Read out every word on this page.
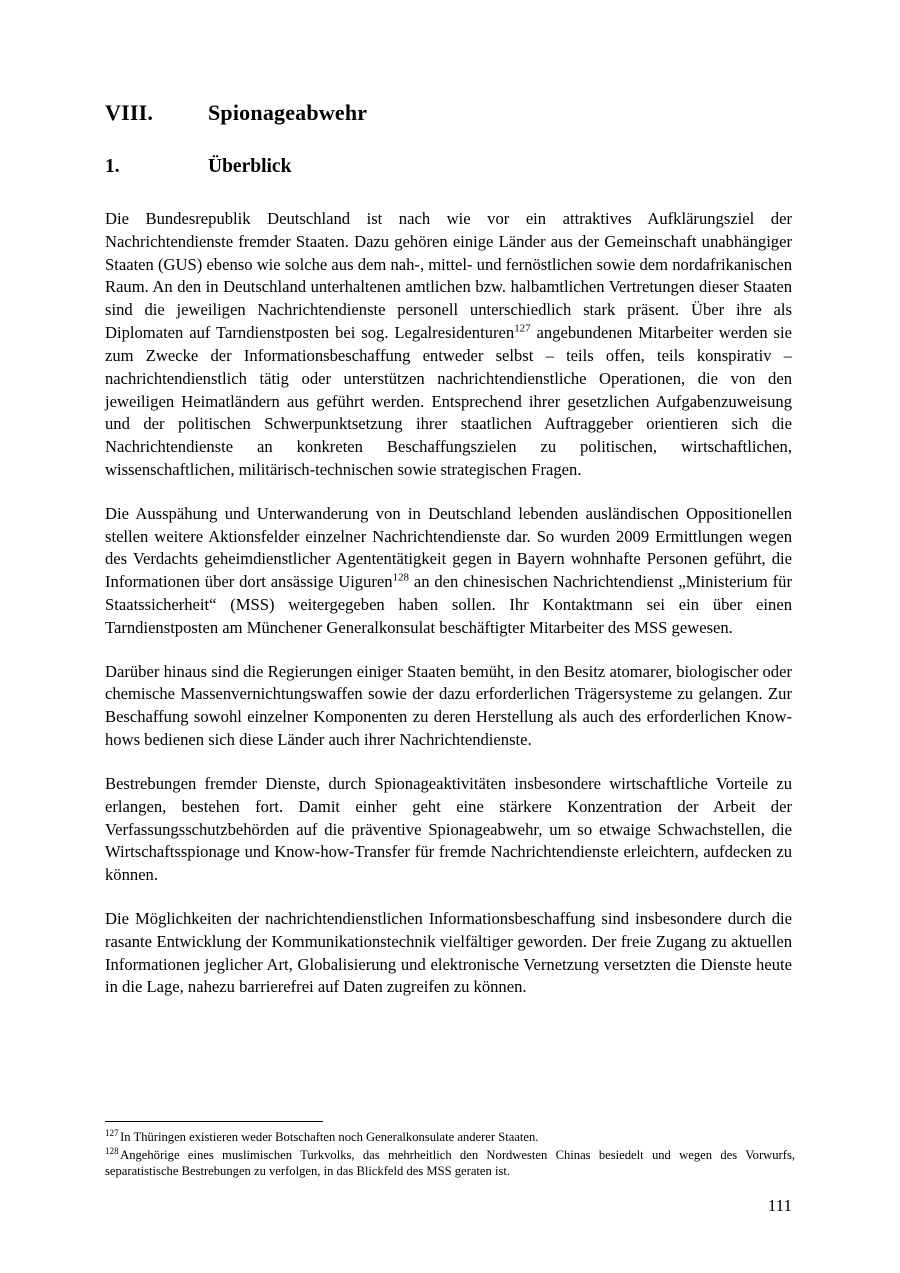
VIII.	Spionageabwehr
1.	Überblick

Die Bundesrepublik Deutschland ist nach wie vor ein attraktives Aufklärungsziel der Nachrichtendienste fremder Staaten. Dazu gehören einige Länder aus der Gemeinschaft unabhängiger Staaten (GUS) ebenso wie solche aus dem nah-, mittel- und fernöstlichen sowie dem nordafrikanischen Raum. An den in Deutschland unterhaltenen amtlichen bzw. halbamtlichen Vertretungen dieser Staaten sind die jeweiligen Nachrichtendienste personell unterschiedlich stark präsent. Über ihre als Diplomaten auf Tarndienstposten bei sog. Legalresidenturen$^{127}$ angebundenen Mitarbeiter werden sie zum Zwecke der Informationsbeschaffung entweder selbst – teils offen, teils konspirativ – nachrichtendienstlich tätig oder unterstützen nachrichtendienstliche Operationen, die von den jeweiligen Heimatländern aus geführt werden. Entsprechend ihrer gesetzlichen Aufgabenzuweisung und der politischen Schwerpunktsetzung ihrer staatlichen Auftraggeber orientieren sich die Nachrichtendienste an konkreten Beschaffungszielen zu politischen, wirtschaftlichen, wissenschaftlichen, militärisch-technischen sowie strategischen Fragen.

Die Ausspähung und Unterwanderung von in Deutschland lebenden ausländischen Oppositionellen stellen weitere Aktionsfelder einzelner Nachrichtendienste dar. So wurden 2009 Ermittlungen wegen des Verdachts geheimdienstlicher Agententätigkeit gegen in Bayern wohnhafte Personen geführt, die Informationen über dort ansässige Uiguren$^{128}$ an den chinesischen Nachrichtendienst „Ministerium für Staatssicherheit“ (MSS) weitergegeben haben sollen. Ihr Kontaktmann sei ein über einen Tarndienstposten am Münchener Generalkonsulat beschäftigter Mitarbeiter des MSS gewesen.

Darüber hinaus sind die Regierungen einiger Staaten bemüht, in den Besitz atomarer, biologischer oder chemische Massenvernichtungswaffen sowie der dazu erforderlichen Trägersysteme zu gelangen. Zur Beschaffung sowohl einzelner Komponenten zu deren Herstellung als auch des erforderlichen Know-hows bedienen sich diese Länder auch ihrer Nachrichtendienste.

Bestrebungen fremder Dienste, durch Spionageaktivitäten insbesondere wirtschaftliche Vorteile zu erlangen, bestehen fort. Damit einher geht eine stärkere Konzentration der Arbeit der Verfassungsschutzbehörden auf die präventive Spionageabwehr, um so etwaige Schwachstellen, die Wirtschaftsspionage und Know-how-Transfer für fremde Nachrichtendienste erleichtern, aufdecken zu können.

Die Möglichkeiten der nachrichtendienstlichen Informationsbeschaffung sind insbesondere durch die rasante Entwicklung der Kommunikationstechnik vielfältiger geworden. Der freie Zugang zu aktuellen Informationen jeglicher Art, Globalisierung und elektronische Vernetzung versetzten die Dienste heute in die Lage, nahezu barrierefrei auf Daten zugreifen zu können.

$^{127}$ In Thüringen existieren weder Botschaften noch Generalkonsulate anderer Staaten.

$^{128}$ Angehörige eines muslimischen Turkvolks, das mehrheitlich den Nordwesten Chinas besiedelt und wegen des Vorwurfs, separatistische Bestrebungen zu verfolgen, in das Blickfeld des MSS geraten ist.

111
